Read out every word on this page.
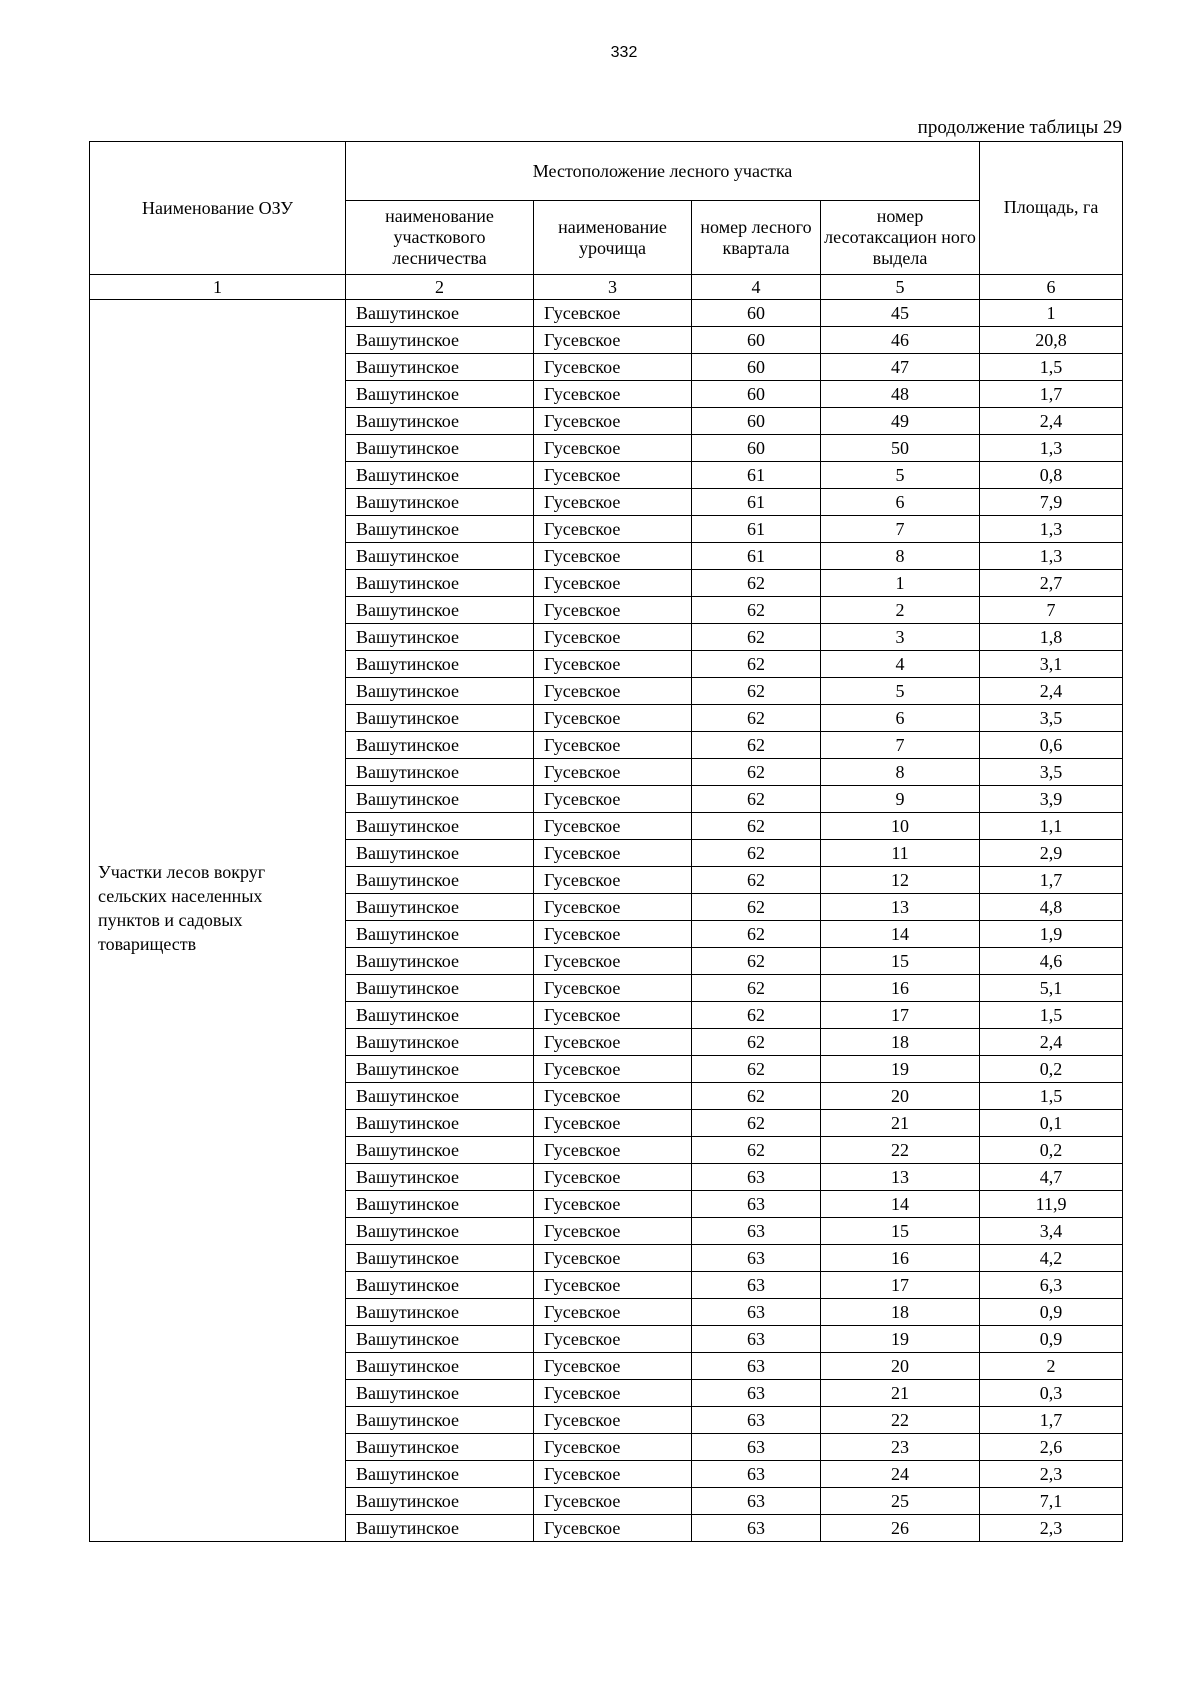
332
продолжение таблицы 29
Наименование ОЗУ	Местоположение лесного участка				Площадь, га
	наименование участкового лесничества	наименование урочища	номер лесного квартала	номер лесотаксацион ного выдела	
1	2	3	4	5	6

Участки лесов вокруг сельских населенных пунктов и садовых товариществ	Вашутинское	Гусевское	60	45	1
	Вашутинское	Гусевское	60	46	20,8
	Вашутинское	Гусевское	60	47	1,5
	Вашутинское	Гусевское	60	48	1,7
	Вашутинское	Гусевское	60	49	2,4
	Вашутинское	Гусевское	60	50	1,3
	Вашутинское	Гусевское	61	5	0,8
	Вашутинское	Гусевское	61	6	7,9
	Вашутинское	Гусевское	61	7	1,3
	Вашутинское	Гусевское	61	8	1,3
	Вашутинское	Гусевское	62	1	2,7
	Вашутинское	Гусевское	62	2	7
	Вашутинское	Гусевское	62	3	1,8
	Вашутинское	Гусевское	62	4	3,1
	Вашутинское	Гусевское	62	5	2,4
	Вашутинское	Гусевское	62	6	3,5
	Вашутинское	Гусевское	62	7	0,6
	Вашутинское	Гусевское	62	8	3,5
	Вашутинское	Гусевское	62	9	3,9
	Вашутинское	Гусевское	62	10	1,1
	Вашутинское	Гусевское	62	11	2,9
	Вашутинское	Гусевское	62	12	1,7
	Вашутинское	Гусевское	62	13	4,8
	Вашутинское	Гусевское	62	14	1,9
	Вашутинское	Гусевское	62	15	4,6
	Вашутинское	Гусевское	62	16	5,1
	Вашутинское	Гусевское	62	17	1,5
	Вашутинское	Гусевское	62	18	2,4
	Вашутинское	Гусевское	62	19	0,2
	Вашутинское	Гусевское	62	20	1,5
	Вашутинское	Гусевское	62	21	0,1
	Вашутинское	Гусевское	62	22	0,2
	Вашутинское	Гусевское	63	13	4,7
	Вашутинское	Гусевское	63	14	11,9
	Вашутинское	Гусевское	63	15	3,4
	Вашутинское	Гусевское	63	16	4,2
	Вашутинское	Гусевское	63	17	6,3
	Вашутинское	Гусевское	63	18	0,9
	Вашутинское	Гусевское	63	19	0,9
	Вашутинское	Гусевское	63	20	2
	Вашутинское	Гусевское	63	21	0,3
	Вашутинское	Гусевское	63	22	1,7
	Вашутинское	Гусевское	63	23	2,6
	Вашутинское	Гусевское	63	24	2,3
	Вашутинское	Гусевское	63	25	7,1
	Вашутинское	Гусевское	63	26	2,3
